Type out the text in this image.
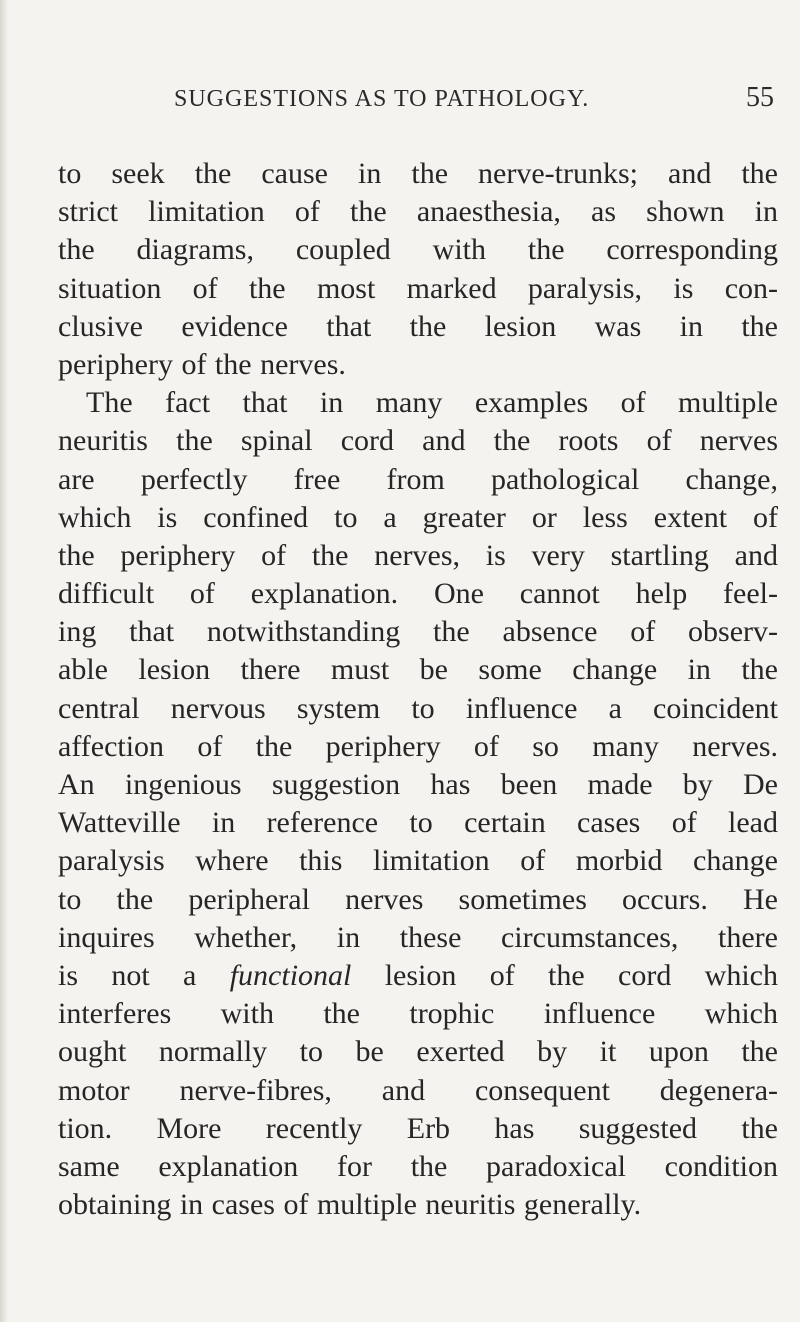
SUGGESTIONS AS TO PATHOLOGY.	55
to seek the cause in the nerve-trunks; and the
strict limitation of the anaesthesia, as shown in
the diagrams, coupled with the corresponding
situation of the most marked paralysis, is con-
clusive evidence that the lesion was in the
periphery of the nerves.
The fact that in many examples of multiple
neuritis the spinal cord and the roots of nerves
are perfectly free from pathological change,
which is confined to a greater or less extent of
the periphery of the nerves, is very startling and
difficult of explanation. One cannot help feel-
ing that notwithstanding the absence of observ-
able lesion there must be some change in the
central nervous system to influence a coincident
affection of the periphery of so many nerves.
An ingenious suggestion has been made by De
Watteville in reference to certain cases of lead
paralysis where this limitation of morbid change
to the peripheral nerves sometimes occurs. He
inquires whether, in these circumstances, there
is not a functional lesion of the cord which
interferes with the trophic influence which
ought normally to be exerted by it upon the
motor nerve-fibres, and consequent degenera-
tion. More recently Erb has suggested the
same explanation for the paradoxical condition
obtaining in cases of multiple neuritis generally.
